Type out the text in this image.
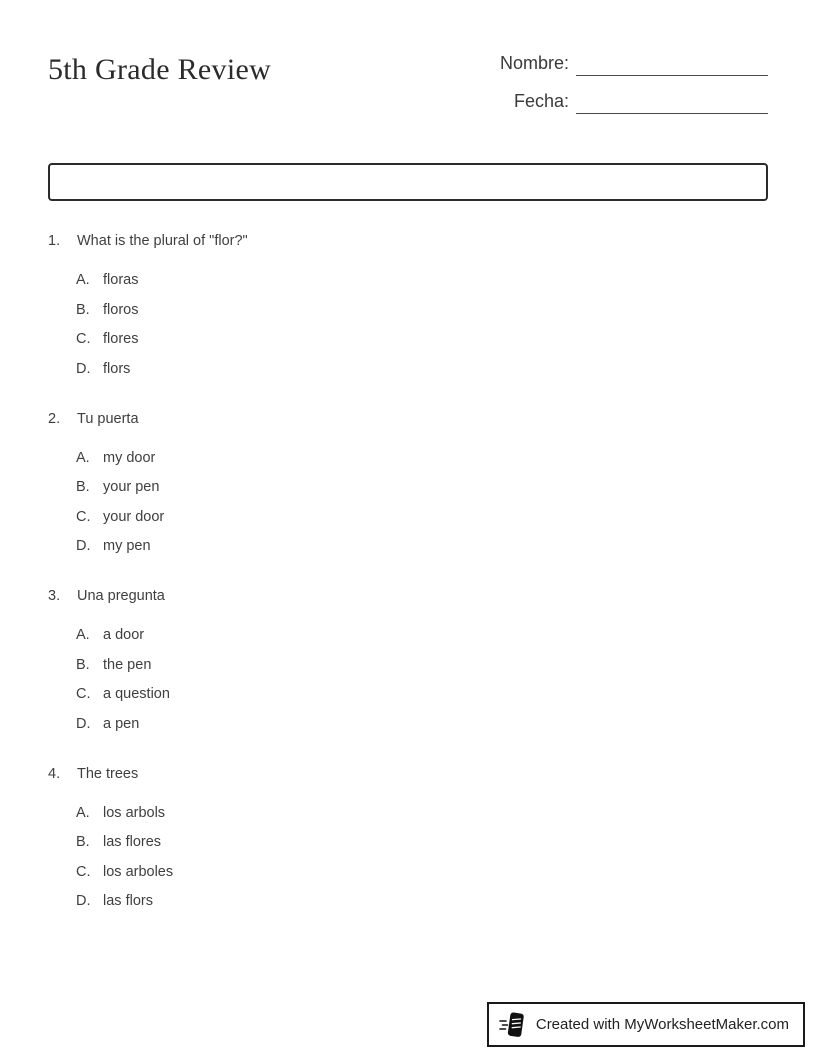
5th Grade Review	Nombre:
Fecha:
1.	What is the plural of "flor?"
A. floras
B. floros
C. flores
D. flors
2.	Tu puerta
A. my door
B. your pen
C. your door
D. my pen
3.	Una pregunta
A. a door
B. the pen
C. a question
D. a pen
4.	The trees
A. los arbols
B. las flores
C. los arboles
D. las flors
Created with MyWorksheetMaker.com
